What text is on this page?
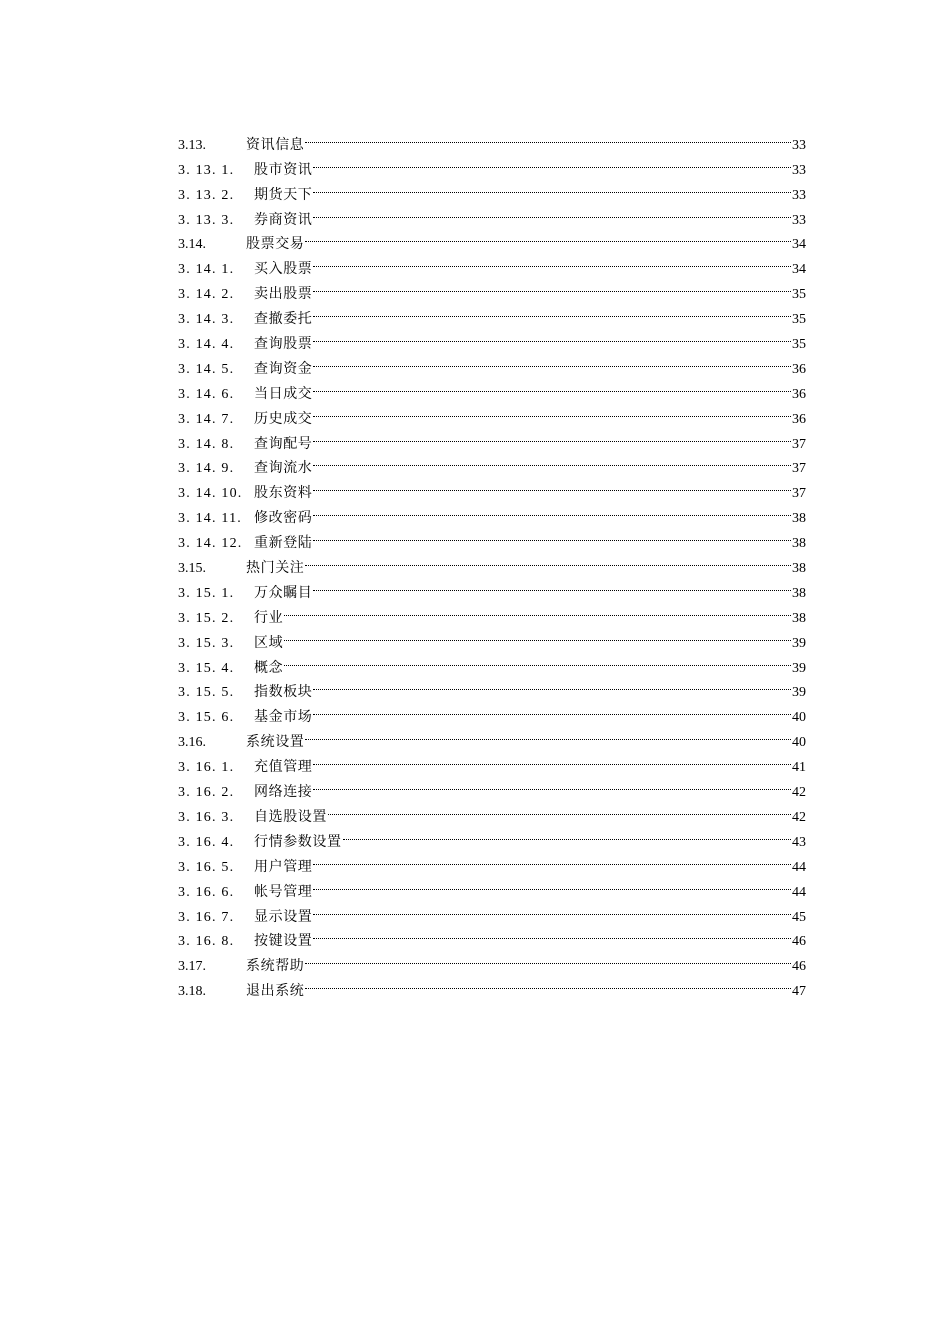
3.13.	资讯信息	33
3. 13. 1.	股市资讯	33
3. 13. 2.	期货天下	33
3. 13. 3.	券商资讯	33
3.14.	股票交易	34
3. 14. 1.	买入股票	34
3. 14. 2.	卖出股票	35
3. 14. 3.	查撤委托	35
3. 14. 4.	查询股票	35
3. 14. 5.	查询资金	36
3. 14. 6.	当日成交	36
3. 14. 7.	历史成交	36
3. 14. 8.	查询配号	37
3. 14. 9.	查询流水	37
3. 14. 10. 股东资料	37
3. 14. 11. 修改密码	38
3. 14. 12. 重新登陆	38
3.15.	热门关注	38
3. 15. 1.	万众瞩目	38
3. 15. 2.	行业	38
3. 15. 3.	区域	39
3. 15. 4.	概念	39
3. 15. 5.	指数板块	39
3. 15. 6.	基金市场	40
3.16.	系统设置	40
3. 16. 1.	充值管理	41
3. 16. 2.	网络连接	42
3. 16. 3.	自选股设置	42
3. 16. 4.	行情参数设置	43
3. 16. 5.	用户管理	44
3. 16. 6.	帐号管理	44
3. 16. 7.	显示设置	45
3. 16. 8.	按键设置	46
3.17.	系统帮助	46
3.18.	退出系统	47
